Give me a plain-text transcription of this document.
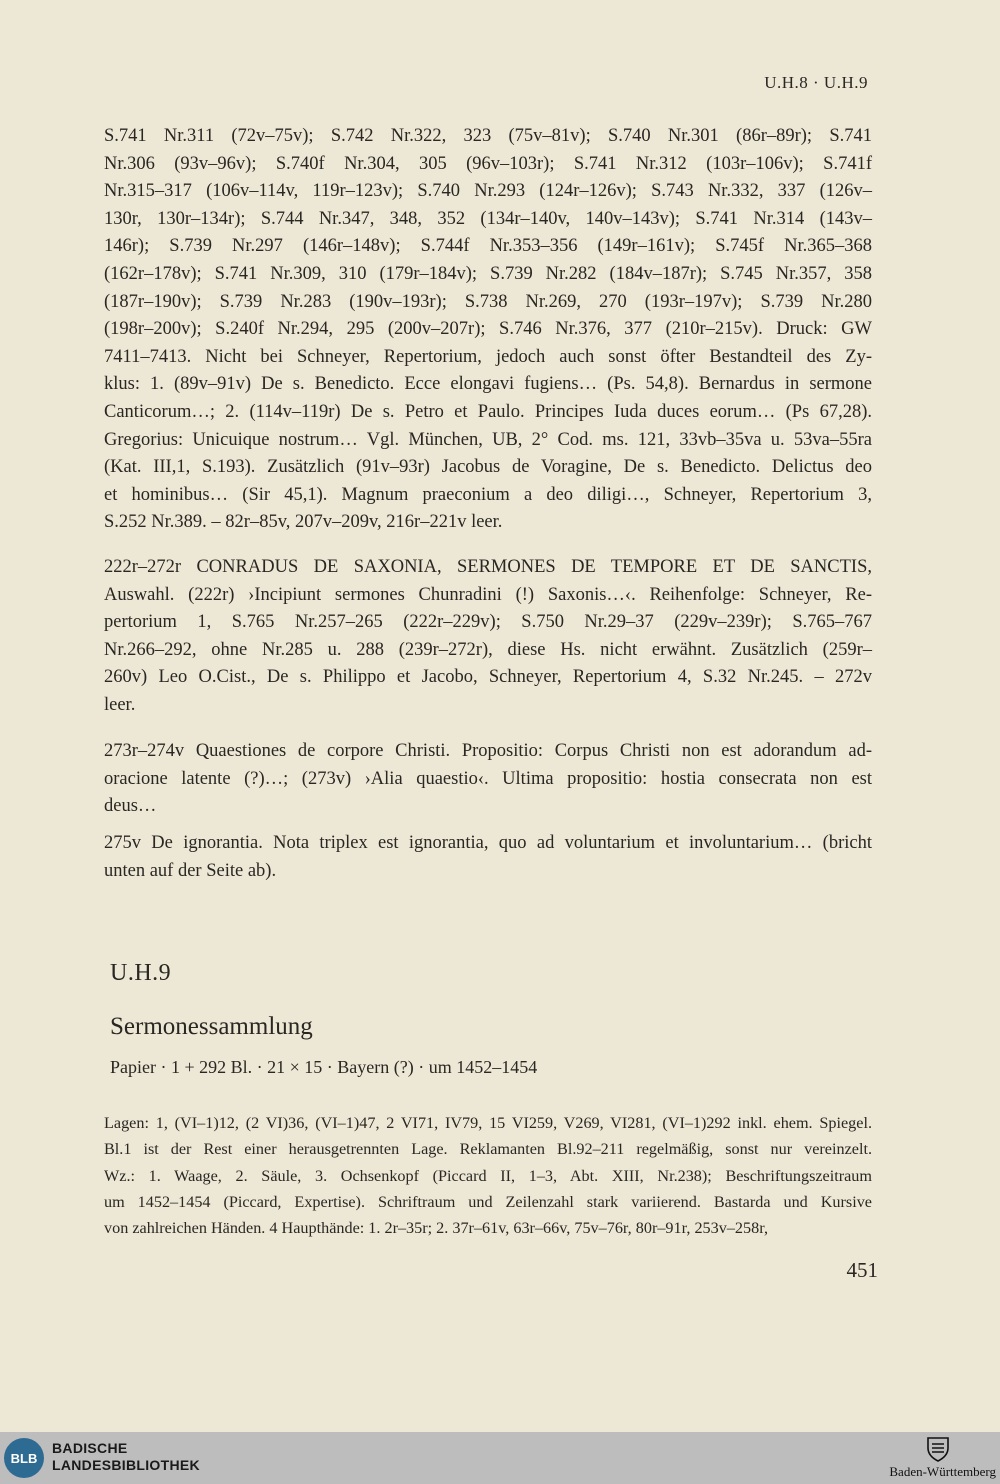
U.H.8 · U.H.9
S.741 Nr.311 (72v–75v); S.742 Nr.322, 323 (75v–81v); S.740 Nr.301 (86r–89r); S.741
Nr.306 (93v–96v); S.740f Nr.304, 305 (96v–103r); S.741 Nr.312 (103r–106v); S.741f
Nr.315–317 (106v–114v, 119r–123v); S.740 Nr.293 (124r–126v); S.743 Nr.332, 337 (126v–
130r, 130r–134r); S.744 Nr.347, 348, 352 (134r–140v, 140v–143v); S.741 Nr.314 (143v–
146r); S.739 Nr.297 (146r–148v); S.744f Nr.353–356 (149r–161v); S.745f Nr.365–368
(162r–178v); S.741 Nr.309, 310 (179r–184v); S.739 Nr.282 (184v–187r); S.745 Nr.357, 358
(187r–190v); S.739 Nr.283 (190v–193r); S.738 Nr.269, 270 (193r–197v); S.739 Nr.280
(198r–200v); S.240f Nr.294, 295 (200v–207r); S.746 Nr.376, 377 (210r–215v). Druck: GW
7411–7413. Nicht bei Schneyer, Repertorium, jedoch auch sonst öfter Bestandteil des Zy-
klus: 1. (89v–91v) De s. Benedicto. Ecce elongavi fugiens… (Ps. 54,8). Bernardus in sermone
Canticorum…; 2. (114v–119r) De s. Petro et Paulo. Principes Iuda duces eorum… (Ps 67,28).
Gregorius: Unicuique nostrum… Vgl. München, UB, 2° Cod. ms. 121, 33vb–35va u. 53va–55ra
(Kat. III,1, S.193). Zusätzlich (91v–93r) Jacobus de Voragine, De s. Benedicto. Delictus deo
et hominibus… (Sir 45,1). Magnum praeconium a deo diligi…, Schneyer, Repertorium 3,
S.252 Nr.389. – 82r–85v, 207v–209v, 216r–221v leer.
222r–272r CONRADUS DE SAXONIA, SERMONES DE TEMPORE ET DE SANCTIS,
Auswahl. (222r) ›Incipiunt sermones Chunradini (!) Saxonis…‹. Reihenfolge: Schneyer, Re-
pertorium 1, S.765 Nr.257–265 (222r–229v); S.750 Nr.29–37 (229v–239r); S.765–767
Nr.266–292, ohne Nr.285 u. 288 (239r–272r), diese Hs. nicht erwähnt. Zusätzlich (259r–
260v) Leo O.Cist., De s. Philippo et Jacobo, Schneyer, Repertorium 4, S.32 Nr.245. – 272v
leer.
273r–274v Quaestiones de corpore Christi. Propositio: Corpus Christi non est adorandum ad-
oracione latente (?)…; (273v) ›Alia quaestio‹. Ultima propositio: hostia consecrata non est
deus…
275v De ignorantia. Nota triplex est ignorantia, quo ad voluntarium et involuntarium… (bricht
unten auf der Seite ab).
U.H.9
Sermonessammlung
Papier · 1 + 292 Bl. · 21 × 15 · Bayern (?) · um 1452–1454
Lagen: 1, (VI–1)12, (2 VI)36, (VI–1)47, 2 VI71, IV79, 15 VI259, V269, VI281, (VI–1)292 inkl. ehem. Spiegel.
Bl.1 ist der Rest einer herausgetrennten Lage. Reklamanten Bl.92–211 regelmäßig, sonst nur vereinzelt.
Wz.: 1. Waage, 2. Säule, 3. Ochsenkopf (Piccard II, 1–3, Abt. XIII, Nr.238); Beschriftungszeitraum
um 1452–1454 (Piccard, Expertise). Schriftraum und Zeilenzahl stark variierend. Bastarda und Kursive
von zahlreichen Händen. 4 Haupthände: 1. 2r–35r; 2. 37r–61v, 63r–66v, 75v–76r, 80r–91r, 253v–258r,
451
BLB
BADISCHE
LANDESBIBLIOTHEK	Baden-Württemberg
